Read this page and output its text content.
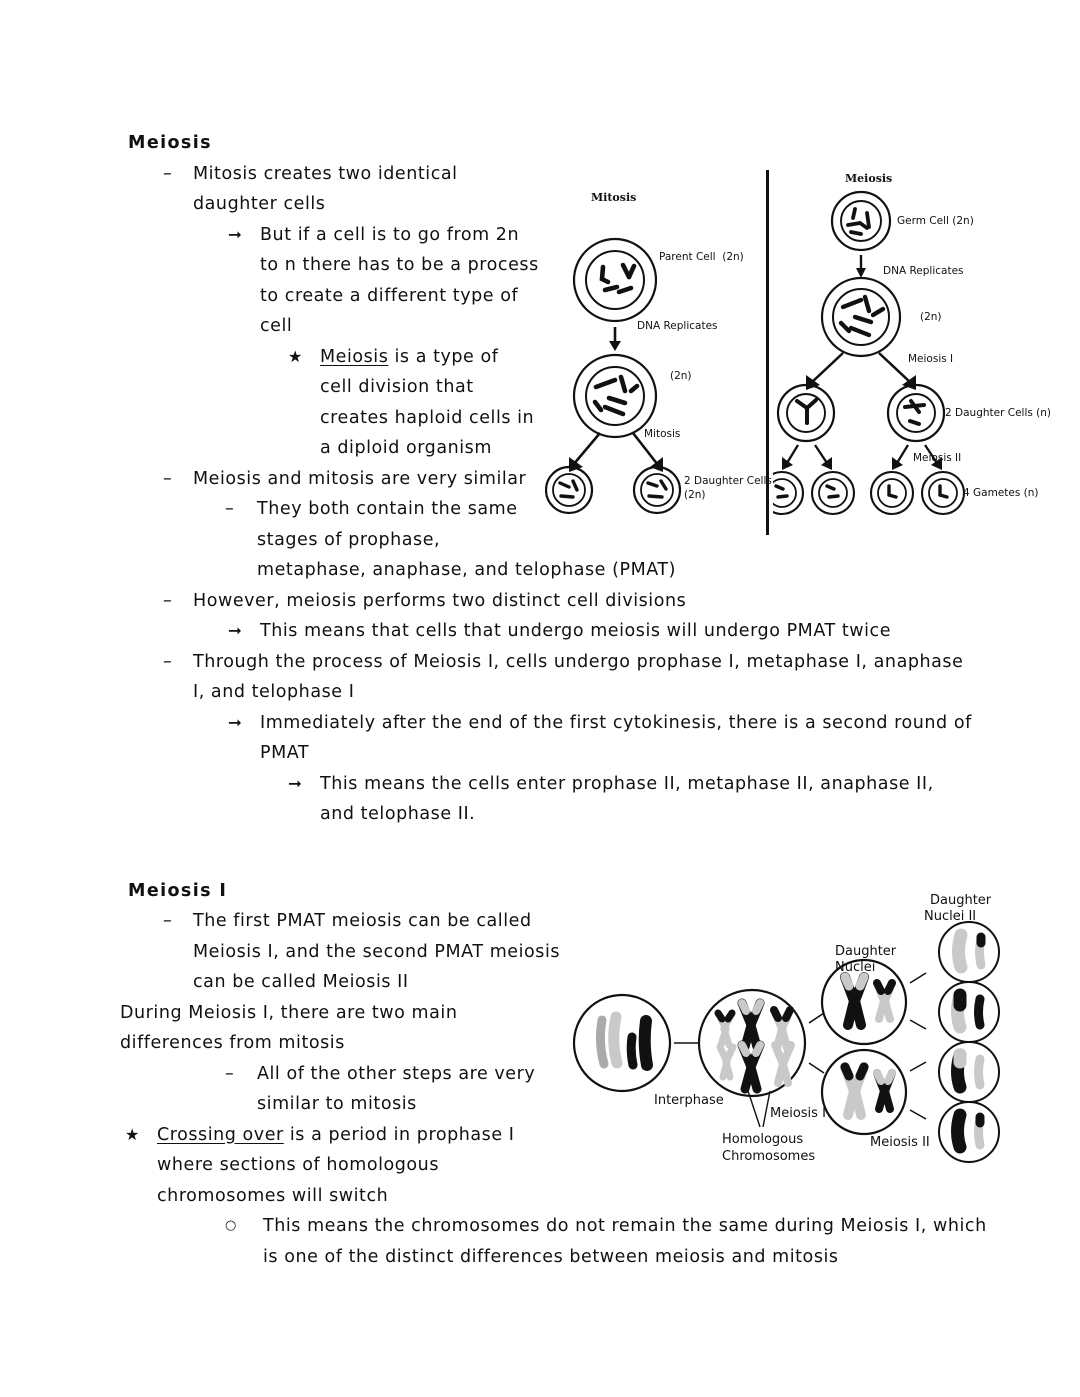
Meiosis
–	Mitosis creates two identical

daughter cells
➞	But if a cell is to go from 2n

to n there has to be a process

to create a different type of

cell
★	Meiosis is a type of

cell division that

creates haploid cells in

a diploid organism
–	Meiosis and mitosis are very similar
–	They both contain the same

stages of prophase,

metaphase, anaphase, and telophase (PMAT)
–	However, meiosis performs two distinct cell divisions
➞	This means that cells that undergo meiosis will undergo PMAT twice
–	Through the process of Meiosis I, cells undergo prophase I, metaphase I, anaphase

I, and telophase I
➞	Immediately after the end of the first cytokinesis, there is a second round of

PMAT
➞	This means the cells enter prophase II, metaphase II, anaphase II,

and telophase II.
Meiosis I
–	The first PMAT meiosis can be called

Meiosis I, and the second PMAT meiosis

can be called Meiosis II
During Meiosis I, there are two main
differences from mitosis
–	All of the other steps are very

similar to mitosis
★	Crossing over is a period in prophase I

where sections of homologous

chromosomes will switch
○	This means the chromosomes do not remain the same during Meiosis I, which

is one of the distinct differences between meiosis and mitosis
Mitosis
Parent Cell  (2n)
DNA Replicates
(2n)
Mitosis
2 Daughter Cells
(2n)
Meiosis
Germ Cell (2n)
DNA Replicates
(2n)
Meiosis I
2 Daughter Cells (n)
Meiosis II
4 Gametes (n)
Interphase
Homologous
Chromosomes
Meiosis I
Daughter
Nuclei
Meiosis II
Daughter
Nuclei II
